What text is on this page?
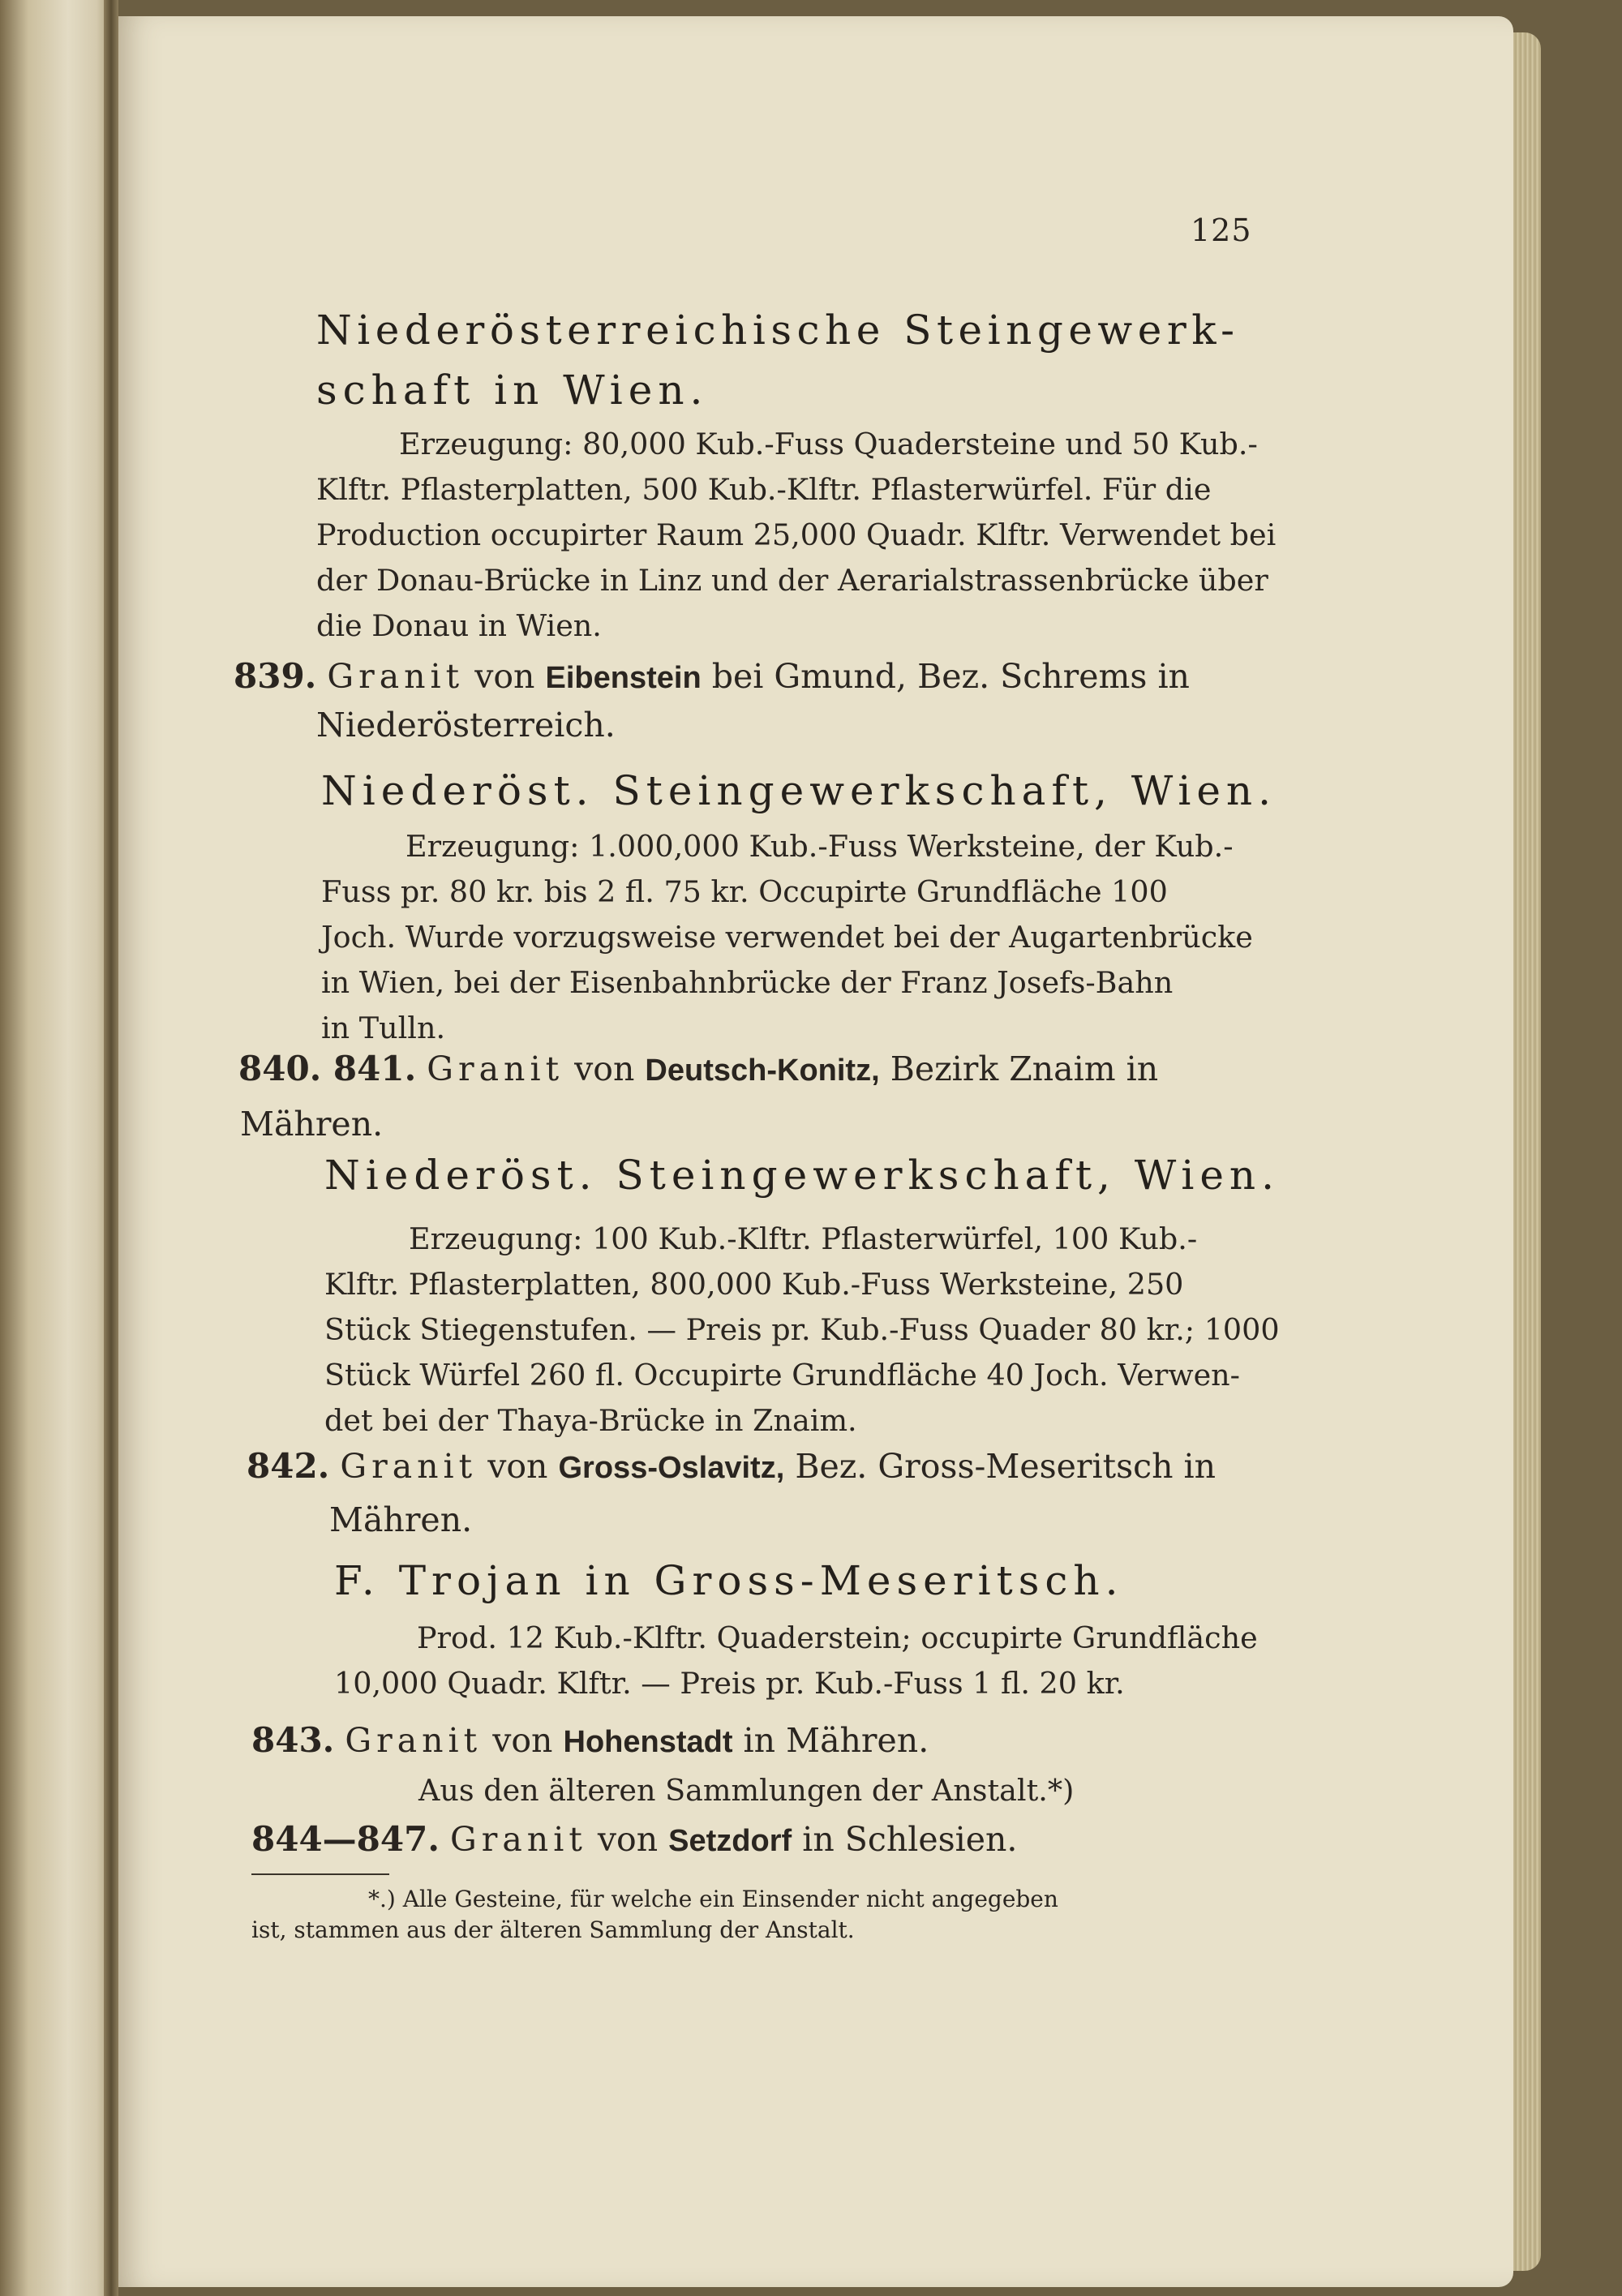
125
Niederösterreichische Steingewerk-
schaft in Wien.
Erzeugung: 80,000 Kub.-Fuss Quadersteine und 50 Kub.-
Klftr. Pflasterplatten, 500 Kub.-Klftr. Pflasterwürfel. Für die
Production occupirter Raum 25,000 Quadr. Klftr. Verwendet bei
der Donau-Brücke in Linz und der Aerarialstrassenbrücke über
die Donau in Wien.
839. Granit von Eibenstein bei Gmund, Bez. Schrems in
Niederösterreich.
Niederöst. Steingewerkschaft, Wien.
Erzeugung: 1.000,000 Kub.-Fuss Werksteine, der Kub.-
Fuss pr. 80 kr. bis 2 fl. 75 kr. Occupirte Grundfläche 100
Joch. Wurde vorzugsweise verwendet bei der Augartenbrücke
in Wien, bei der Eisenbahnbrücke der Franz Josefs-Bahn
in Tulln.
840. 841. Granit von Deutsch-Konitz, Bezirk Znaim in
Mähren.
Niederöst. Steingewerkschaft, Wien.
Erzeugung: 100 Kub.-Klftr. Pflasterwürfel, 100 Kub.-
Klftr. Pflasterplatten, 800,000 Kub.-Fuss Werksteine, 250
Stück Stiegenstufen. — Preis pr. Kub.-Fuss Quader 80 kr.; 1000
Stück Würfel 260 fl. Occupirte Grundfläche 40 Joch. Verwen-
det bei der Thaya-Brücke in Znaim.
842. Granit von Gross-Oslavitz, Bez. Gross-Meseritsch in
Mähren.
F. Trojan in Gross-Meseritsch.
Prod. 12 Kub.-Klftr. Quaderstein; occupirte Grundfläche
10,000 Quadr. Klftr. — Preis pr. Kub.-Fuss 1 fl. 20 kr.
843. Granit von Hohenstadt in Mähren.
Aus den älteren Sammlungen der Anstalt.*)
844—847. Granit von Setzdorf in Schlesien.
*.) Alle Gesteine, für welche ein Einsender nicht angegeben
ist, stammen aus der älteren Sammlung der Anstalt.
